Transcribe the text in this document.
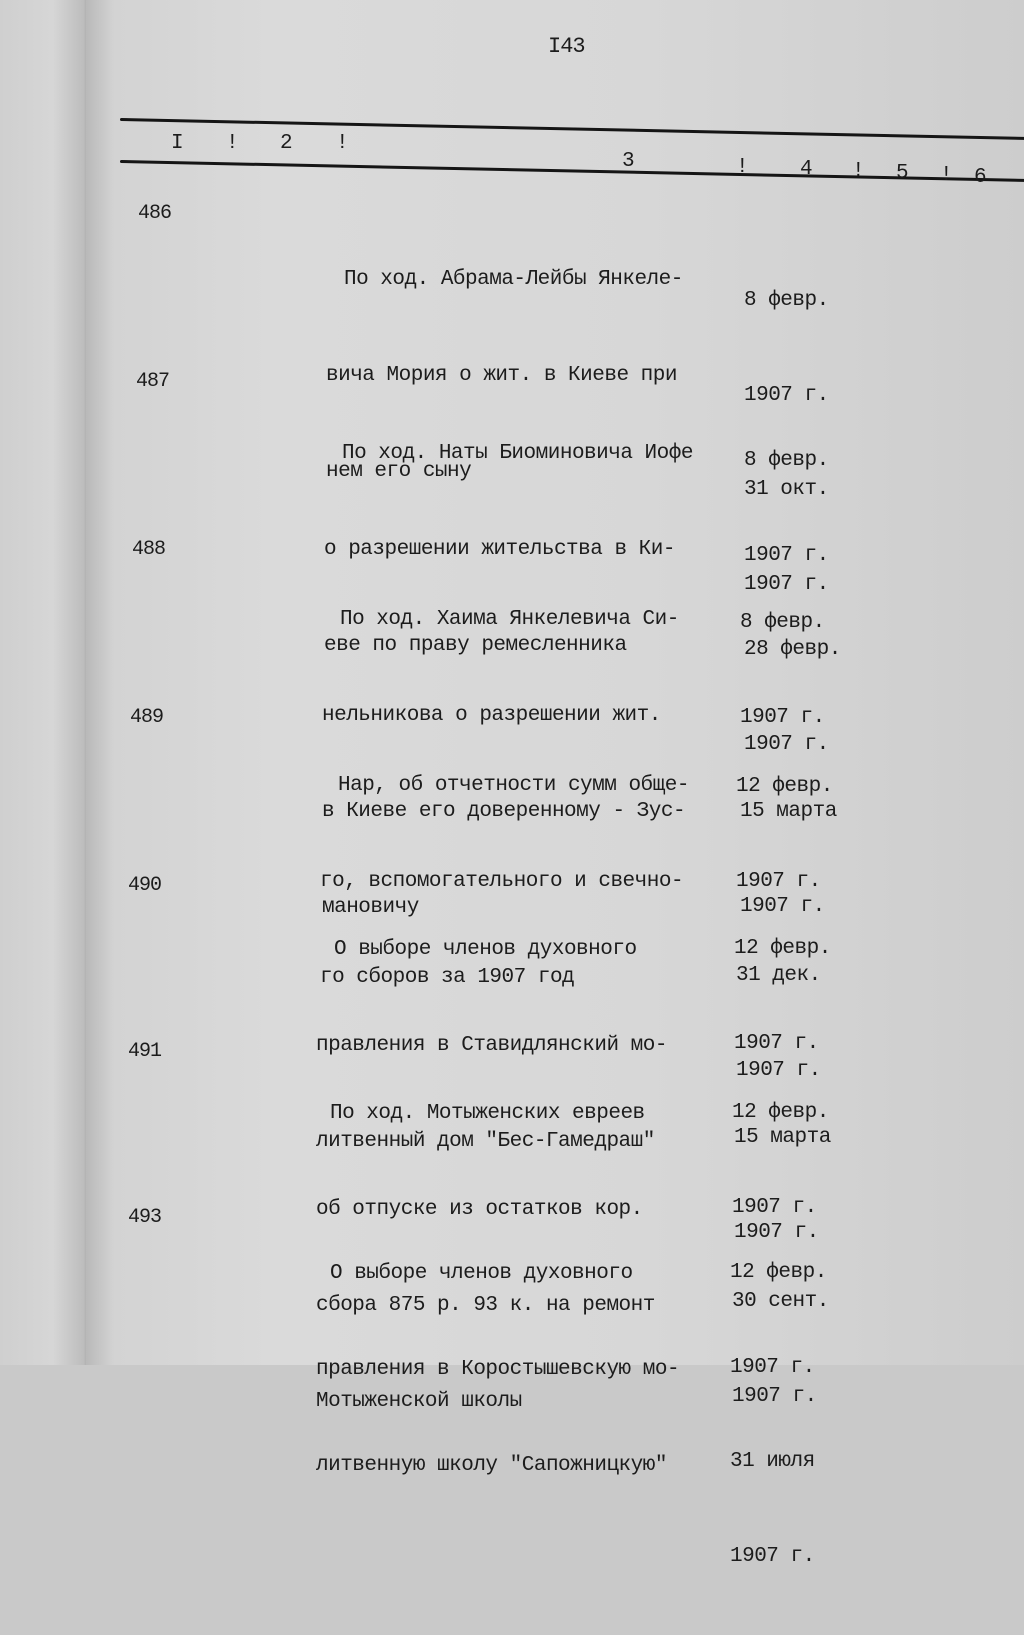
I43
I ! 2 !
3	! 4 ! 5 ! 6
486

По ход. Абрама-Лейбы Янкеле-

вича Мория о жит. в Киеве при

нем его сыну

8 февр.

1907 г.

31 окт.

1907 г.

487

По ход. Наты Биоминовича Иофе

о разрешении жительства в Ки-

еве по праву ремесленника

8 февр.

1907 г.

28 февр.

1907 г.

488

По ход. Хаима Янкелевича Си-

нельникова о разрешении жит.

в Киеве его доверенному - Зус-

мановичу

8 февр.

1907 г.

15 марта

1907 г.

489

Нар, об отчетности сумм обще-

го, вспомогательного и свечно-

го сборов за 1907 год

12 февр.

1907 г.

31 дек.

1907 г.

490

О выборе членов духовного

правления в Ставидлянский мо-

литвенный дом "Бес-Гамедраш"

12 февр.

1907 г.

15 марта

1907 г.

491

По ход. Мотыженских евреев

об отпуске из остатков кор.

сбора 875 р. 93 к. на ремонт

Мотыженской школы

12 февр.

1907 г.

30 сент.

1907 г.

493

О выборе членов духовного

правления в Коростышевскую мо-

литвенную школу "Сапожницкую"

12 февр.

1907 г.

31 июля

1907 г.
